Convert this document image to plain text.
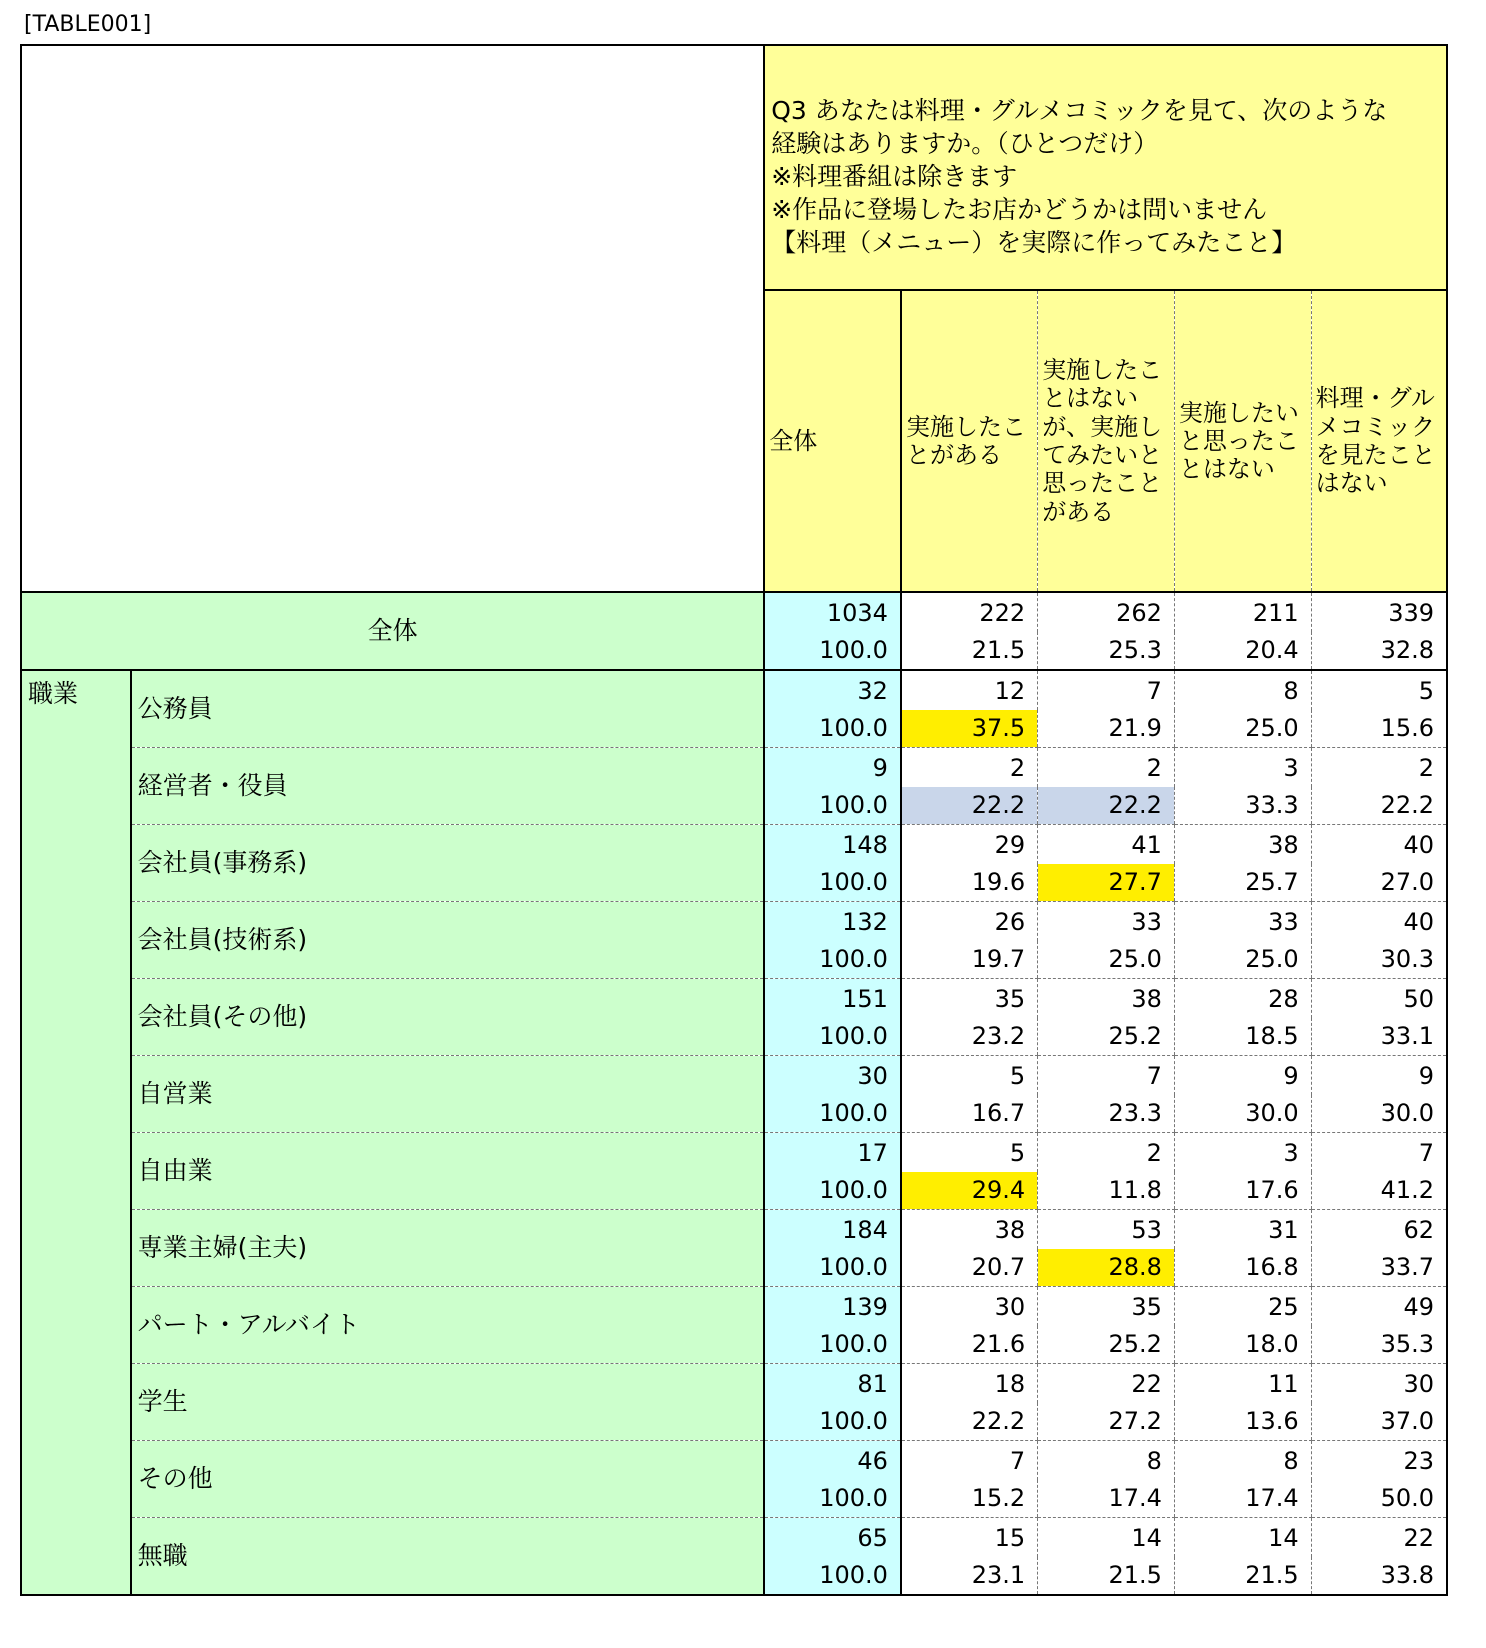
[TABLE001]

		Q3 あなたは料理・グルメコミックを見て、次のような
経験はありますか。（ひとつだけ）
※料理番組は除きます
※作品に登場したお店かどうかは問いません
【料理（メニュー）を実際に作ってみたこと】				

		全体	実施したことがある	実施したことはないが、実施してみたいと思ったことがある	実施したいと思ったことはない	料理・グルメコミックを見たことはない
全体		1034	222	262	211	339
		100.0	21.5	25.3	20.4	32.8
職業	公務員	32	12	7	8	5
		100.0	37.5	21.9	25.0	15.6
	経営者・役員	9	2	2	3	2
		100.0	22.2	22.2	33.3	22.2
	会社員(事務系)	148	29	41	38	40
		100.0	19.6	27.7	25.7	27.0
	会社員(技術系)	132	26	33	33	40
		100.0	19.7	25.0	25.0	30.3
	会社員(その他)	151	35	38	28	50
		100.0	23.2	25.2	18.5	33.1
	自営業	30	5	7	9	9
		100.0	16.7	23.3	30.0	30.0
	自由業	17	5	2	3	7
		100.0	29.4	11.8	17.6	41.2
	専業主婦(主夫)	184	38	53	31	62
		100.0	20.7	28.8	16.8	33.7
	パート・アルバイト	139	30	35	25	49
		100.0	21.6	25.2	18.0	35.3
	学生	81	18	22	11	30
		100.0	22.2	27.2	13.6	37.0
	その他	46	7	8	8	23
		100.0	15.2	17.4	17.4	50.0
	無職	65	15	14	14	22
		100.0	23.1	21.5	21.5	33.8
